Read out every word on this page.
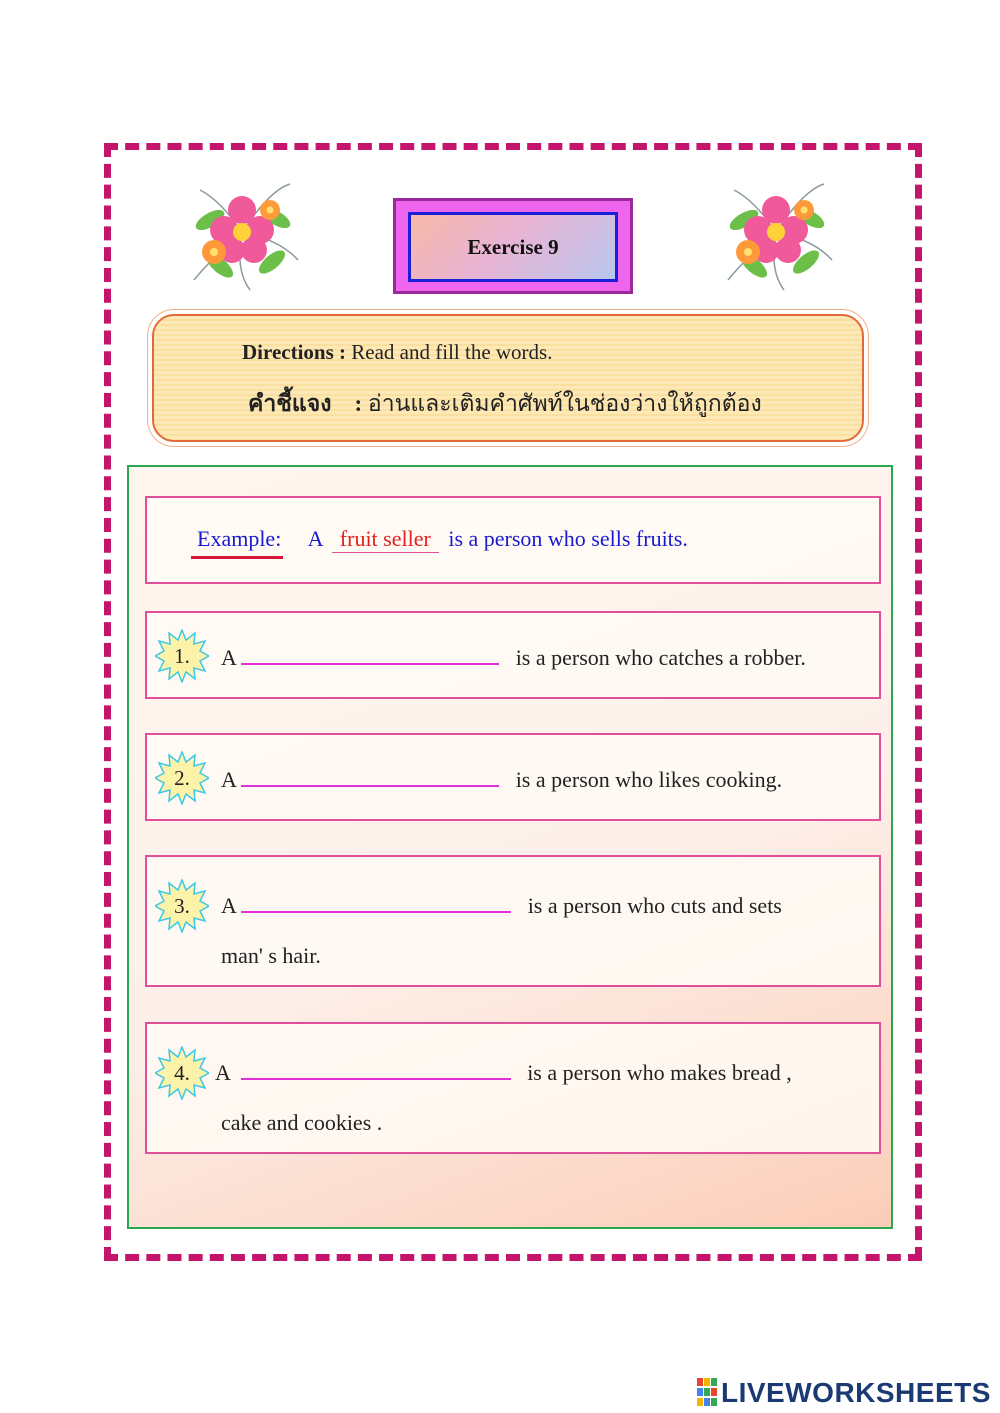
Exercise 9
Directions : Read and fill the words.
คำชี้แจง : อ่านและเติมคำศัพท์ในช่องว่างให้ถูกต้อง
Example: A fruit seller is a person who sells fruits.
1.	A	is a person who catches a robber.
2.	A	is a person who likes cooking.
3.	A	is a person who cuts and sets
man' s hair.
4.	A	is a person who makes bread ,
cake and cookies .
LIVEWORKSHEETS
